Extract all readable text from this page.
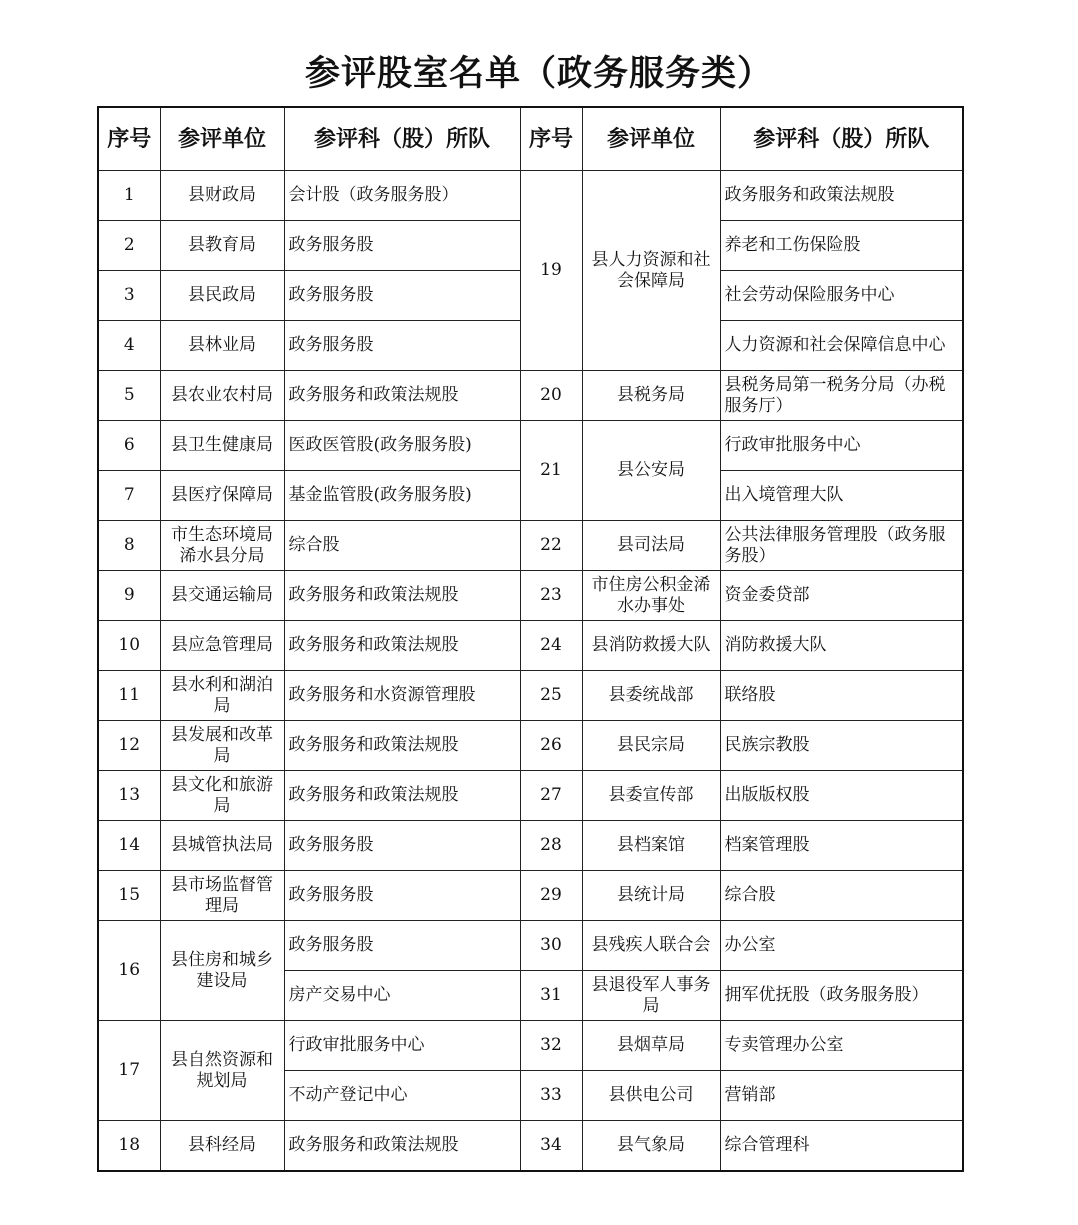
参评股室名单（政务服务类）
序号	参评单位	参评科（股）所队	序号	参评单位	参评科（股）所队
1	县财政局	会计股（政务服务股）	19	县人力资源和社会保障局	政务服务和政策法规股
2	县教育局	政务服务股			养老和工伤保险股
3	县民政局	政务服务股			社会劳动保险服务中心
4	县林业局	政务服务股			人力资源和社会保障信息中心
5	县农业农村局	政务服务和政策法规股	20	县税务局	县税务局第一税务分局（办税服务厅）
6	县卫生健康局	医政医管股(政务服务股)	21	县公安局	行政审批服务中心
7	县医疗保障局	基金监管股(政务服务股)			出入境管理大队
8	市生态环境局浠水县分局	综合股	22	县司法局	公共法律服务管理股（政务服务股）
9	县交通运输局	政务服务和政策法规股	23	市住房公积金浠水办事处	资金委贷部
10	县应急管理局	政务服务和政策法规股	24	县消防救援大队	消防救援大队
11	县水利和湖泊局	政务服务和水资源管理股	25	县委统战部	联络股
12	县发展和改革局	政务服务和政策法规股	26	县民宗局	民族宗教股
13	县文化和旅游局	政务服务和政策法规股	27	县委宣传部	出版版权股
14	县城管执法局	政务服务股	28	县档案馆	档案管理股
15	县市场监督管理局	政务服务股	29	县统计局	综合股
16	县住房和城乡建设局	政务服务股	30	县残疾人联合会	办公室
		房产交易中心	31	县退役军人事务局	拥军优抚股（政务服务股）
17	县自然资源和规划局	行政审批服务中心	32	县烟草局	专卖管理办公室
		不动产登记中心	33	县供电公司	营销部
18	县科经局	政务服务和政策法规股	34	县气象局	综合管理科
